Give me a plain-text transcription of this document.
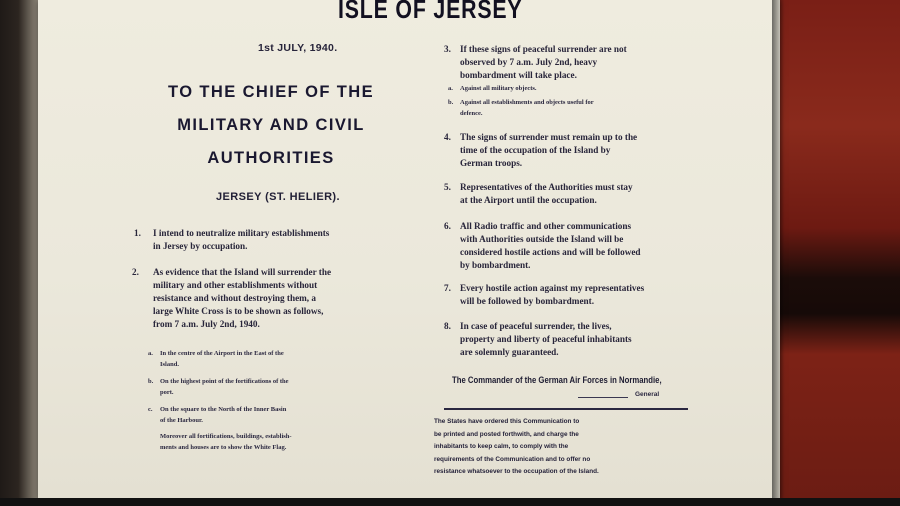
ISLE OF JERSEY
1st JULY, 1940.
TO THE CHIEF OF THE
MILITARY AND CIVIL
AUTHORITIES
JERSEY (ST. HELIER).
1. I intend to neutralize military establishments
in Jersey by occupation.
2. As evidence that the Island will surrender the
military and other establishments without
resistance and without destroying them, a
large White Cross is to be shown as follows,
from 7 a.m. July 2nd, 1940.
a. In the centre of the Airport in the East of the
Island.
b. On the highest point of the fortifications of the
port.
c. On the square to the North of the Inner Basin
of the Harbour.
Moreover all fortifications, buildings, establish-
ments and houses are to show the White Flag.
3. If these signs of peaceful surrender are not
observed by 7 a.m. July 2nd, heavy
bombardment will take place.
a. Against all military objects.
b. Against all establishments and objects useful for
defence.
4. The signs of surrender must remain up to the
time of the occupation of the Island by
German troops.
5. Representatives of the Authorities must stay
at the Airport until the occupation.
6. All Radio traffic and other communications
with Authorities outside the Island will be
considered hostile actions and will be followed
by bombardment.
7. Every hostile action against my representatives
will be followed by bombardment.
8. In case of peaceful surrender, the lives,
property and liberty of peaceful inhabitants
are solemnly guaranteed.
The Commander of the German Air Forces in Normandie,
General
The States have ordered this Communication to
be printed and posted forthwith, and charge the
inhabitants to keep calm, to comply with the
requirements of the Communication and to offer no
resistance whatsoever to the occupation of the Island.
